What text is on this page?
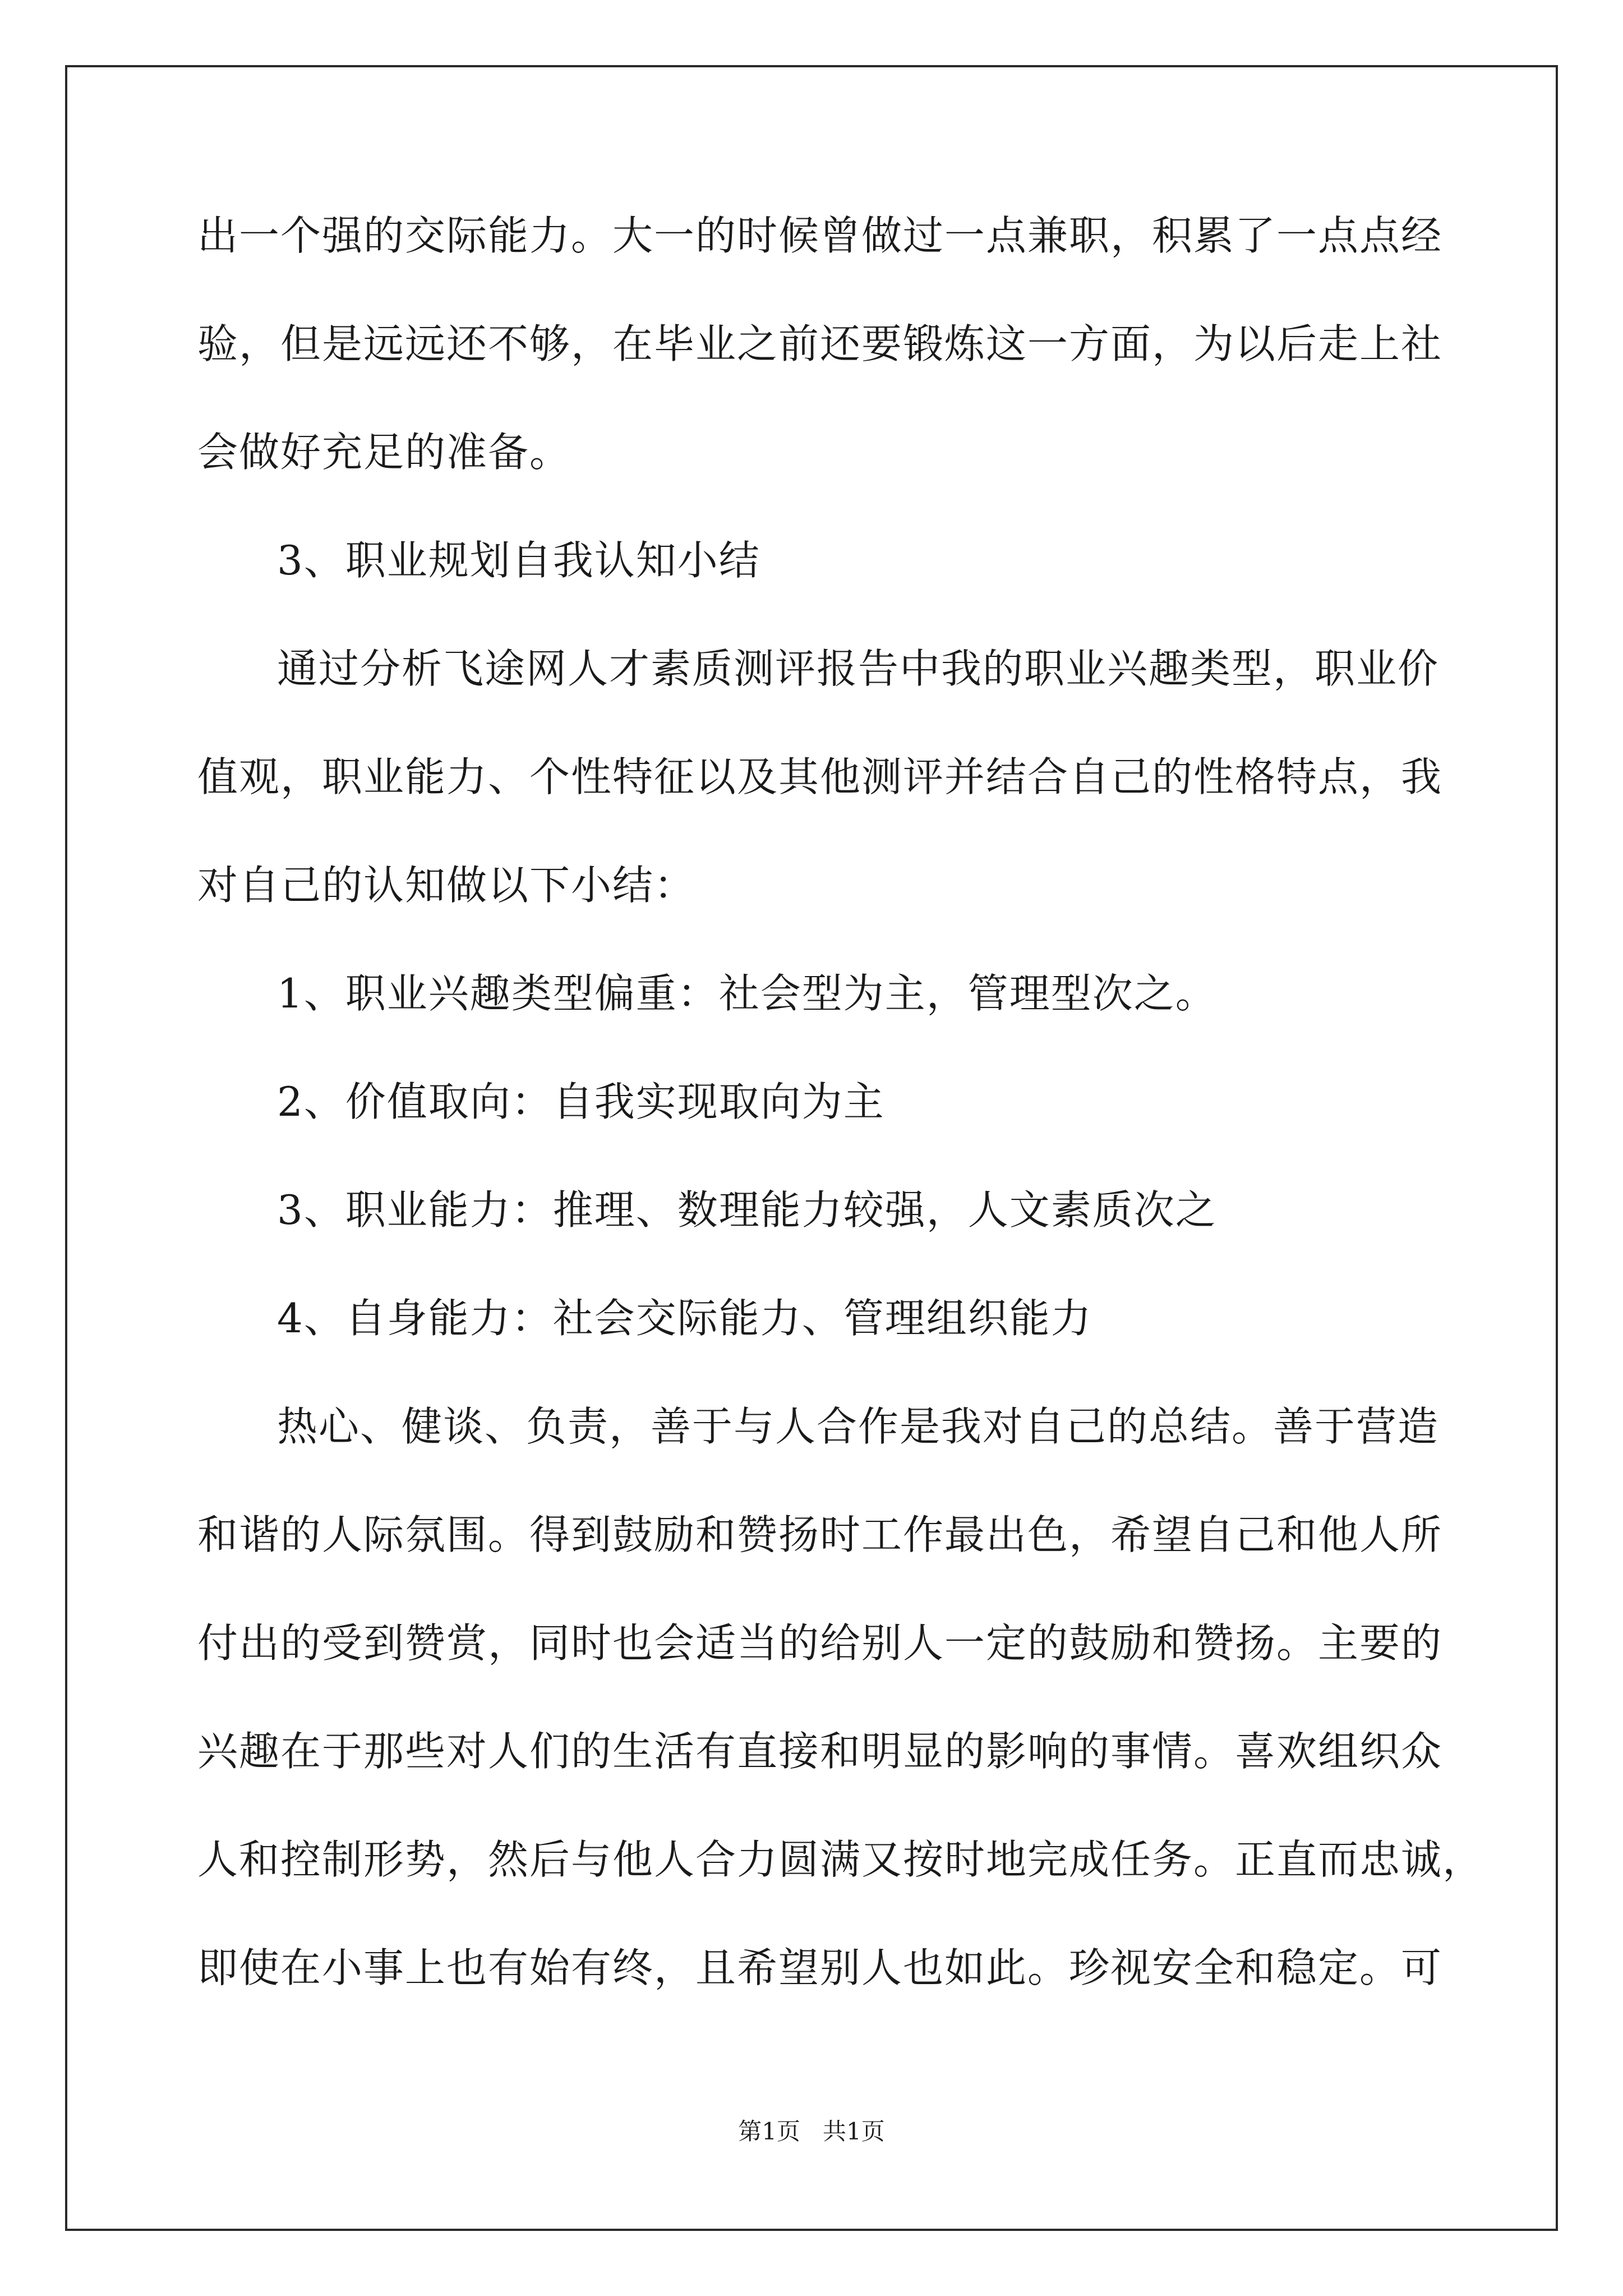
出一个强的交际能力。大一的时候曾做过一点兼职，积累了一点点经
验，但是远远还不够，在毕业之前还要锻炼这一方面，为以后走上社
会做好充足的准备。
3、职业规划自我认知小结
通过分析飞途网人才素质测评报告中我的职业兴趣类型，职业价
值观，职业能力、个性特征以及其他测评并结合自己的性格特点，我
对自己的认知做以下小结：
1、职业兴趣类型偏重：社会型为主，管理型次之。
2、价值取向：自我实现取向为主
3、职业能力：推理、数理能力较强，人文素质次之
4、自身能力：社会交际能力、管理组织能力
热心、健谈、负责，善于与人合作是我对自己的总结。善于营造
和谐的人际氛围。得到鼓励和赞扬时工作最出色，希望自己和他人所
付出的受到赞赏，同时也会适当的给别人一定的鼓励和赞扬。主要的
兴趣在于那些对人们的生活有直接和明显的影响的事情。喜欢组织众
人和控制形势，然后与他人合力圆满又按时地完成任务。正直而忠诚，
即使在小事上也有始有终，且希望别人也如此。珍视安全和稳定。可
第1页 共1页
